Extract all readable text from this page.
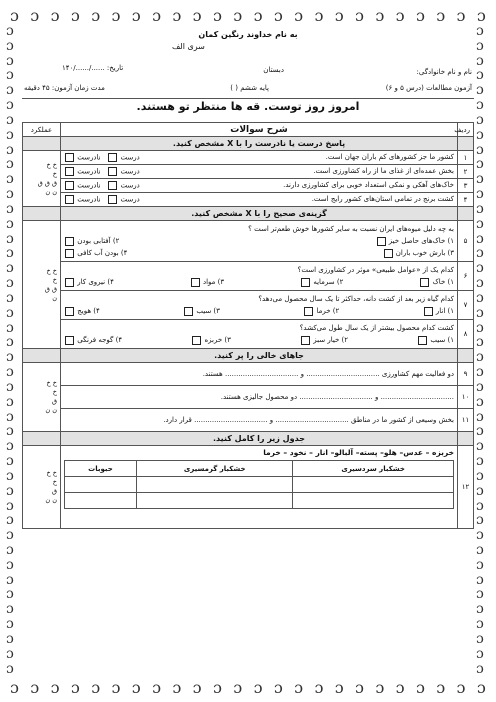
ɔ ɔ ɔ ɔ ɔ ɔ ɔ ɔ ɔ ɔ ɔ ɔ ɔ ɔ ɔ ɔ ɔ ɔ ɔ ɔ ɔ ɔ ɔ ɔ
ɔ ɔ ɔ ɔ ɔ ɔ ɔ ɔ ɔ ɔ ɔ ɔ ɔ ɔ ɔ ɔ ɔ ɔ ɔ ɔ ɔ ɔ ɔ ɔ
ɔ
ɔ
ɔ
ɔ
ɔ
ɔ
ɔ
ɔ
ɔ
ɔ
ɔ
ɔ
ɔ
ɔ
ɔ
ɔ
ɔ
ɔ
ɔ
ɔ
ɔ
ɔ
ɔ
ɔ
ɔ
ɔ
ɔ
ɔ
ɔ
ɔ
ɔ
ɔ
ɔ
ɔ
ɔ
ɔ
ɔ
ɔ
ɔ
ɔ
ɔ
ɔ
ɔ
ɔ
ɔ
ɔ
ɔ
ɔ
ɔ
ɔ
ɔ
ɔ
ɔ
ɔ
ɔ
ɔ
ɔ
ɔ
ɔ
ɔ
ɔ
ɔ
ɔ
ɔ
ɔ
ɔ
ɔ
ɔ
ɔ
ɔ
ɔ
ɔ
ɔ
ɔ
ɔ
ɔ
ɔ
ɔ
ɔ
ɔ
ɔ
ɔ
ɔ
ɔ
ɔ
ɔ
ɔ
ɔ
به نام خداوند رنگین کمان
سری الف
نام و نام خانوادگی:
دبستان
تاریخ: ....../....../۱۴۰
آزمون مطالعات (درس ۵ و ۶)
پایه ششم ( )
مدت زمان آزمون: ۴۵ دقیقه
امروز روز توست. قه ها منتظر تو هستند.
ردیف	شرح سوالات	عملکرد
	پاسخ درست یا نادرست را با X مشخص کنید.	
۱	
کشور ما جز کشورهای کم باران جهان است.
درست    نادرست

خ خ
خ
ق ق ق
ن ن

۲	
بخش عمده‌ای از غذای ما از راه کشاورزی است.
درست    نادرست

۳	
خاک‌های آهکی و نمکی استعداد خوبی برای کشاورزی دارند.
درست    نادرست

۴	
کشت برنج در تمامی استان‌های کشور رایج است.
درست    نادرست

	گزینه‌ی صحیح را با X مشخص کنید.	
۵	
به چه دلیل میوه‌های ایران نسبت به سایر کشورها خوش طعم‌تر است ؟
۱) خاک‌های حاصل خیز
۲) آفتابی بودن
۳) بارش خوب باران
۴) بودن آب کافی

خ خ
خ
ق ق
ن

۶	
کدام یک از «عوامل طبیعی» موثر در کشاورزی است؟
۱) خاک
۲) سرمایه
۳) مواد
۴) نیروی کار

۷	
کدام گیاه زیر بعد از کشت دانه، حداکثر تا یک سال محصول می‌دهد؟
۱) انار
۲) خرما
۳) سیب
۴) هویج

۸	
کشت کدام محصول بیشتر از یک سال طول می‌کشد؟
۱) سیب
۲) خیار سبز
۳) خربزه
۴) گوجه فرنگی

	جاهای خالی را پر کنید.	
۹	دو فعالیت مهم کشاورزی ................................. و ................................. هستند.	
خ خ
خ
ق
ن ن

۱۰	................................. و ................................. دو محصول جالیزی هستند.
۱۱	بخش وسیعی از کشور ما در مناطق ................................. و ................................. قرار دارد.
	جدول زیر را کامل کنید.	
۱۲	
خربزه – عدس– هلو– پسته– آلبالو– انار – نخود – خرما
خشکبار سردسیری	خشکبار گرمسیری	حبوبات

خ خ
خ
ق
ن ن
